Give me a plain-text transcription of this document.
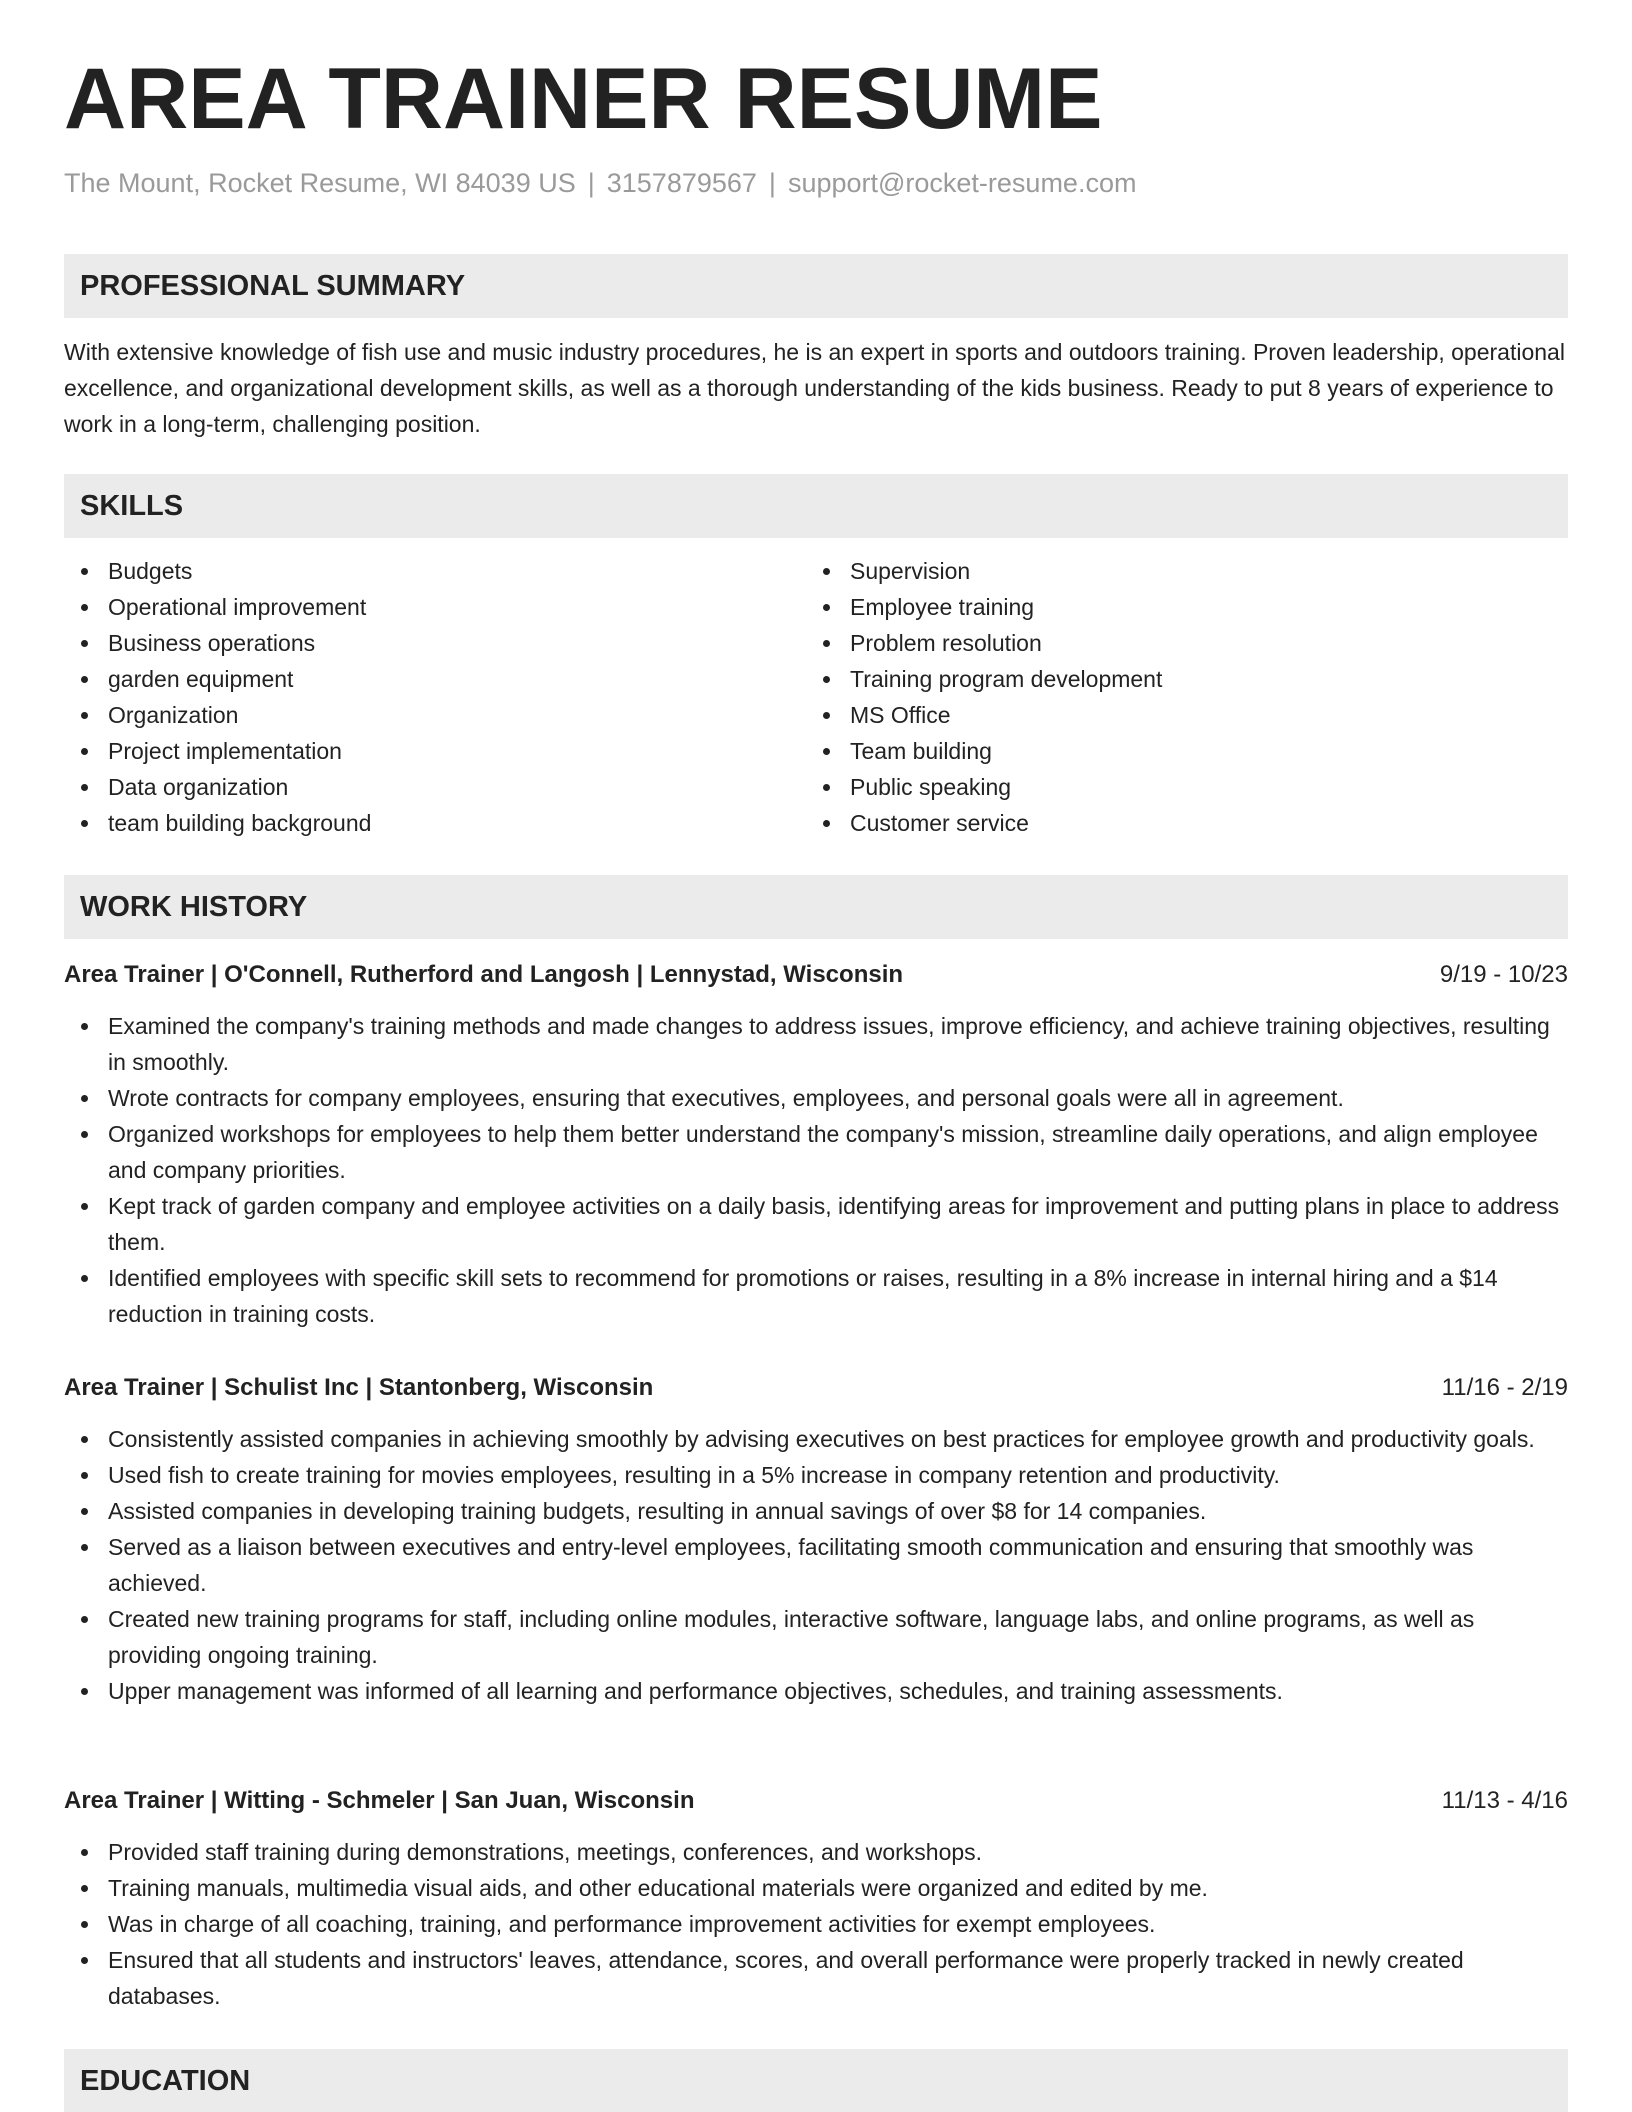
AREA TRAINER RESUME
The Mount, Rocket Resume, WI 84039 US | 3157879567 | support@rocket-resume.com
PROFESSIONAL SUMMARY

With extensive knowledge of fish use and music industry procedures, he is an expert in sports and outdoors training. Proven leadership, operational excellence, and organizational development skills, as well as a thorough understanding of the kids business. Ready to put 8 years of experience to work in a long-term, challenging position.

SKILLS
Budgets
Operational improvement
Business operations
garden equipment
Organization
Project implementation
Data organization
team building background
Supervision
Employee training
Problem resolution
Training program development
MS Office
Team building
Public speaking
Customer service
WORK HISTORY
Area Trainer | O'Connell, Rutherford and Langosh | Lennystad, Wisconsin	9/19 - 10/23
Examined the company's training methods and made changes to address issues, improve efficiency, and achieve training objectives, resulting in smoothly.
Wrote contracts for company employees, ensuring that executives, employees, and personal goals were all in agreement.
Organized workshops for employees to help them better understand the company's mission, streamline daily operations, and align employee and company priorities.
Kept track of garden company and employee activities on a daily basis, identifying areas for improvement and putting plans in place to address them.
Identified employees with specific skill sets to recommend for promotions or raises, resulting in a 8% increase in internal hiring and a $14 reduction in training costs.
Area Trainer | Schulist Inc | Stantonberg, Wisconsin	11/16 - 2/19
Consistently assisted companies in achieving smoothly by advising executives on best practices for employee growth and productivity goals.
Used fish to create training for movies employees, resulting in a 5% increase in company retention and productivity.
Assisted companies in developing training budgets, resulting in annual savings of over $8 for 14 companies.
Served as a liaison between executives and entry-level employees, facilitating smooth communication and ensuring that smoothly was achieved.
Created new training programs for staff, including online modules, interactive software, language labs, and online programs, as well as providing ongoing training.
Upper management was informed of all learning and performance objectives, schedules, and training assessments.
Area Trainer | Witting - Schmeler | San Juan, Wisconsin	11/13 - 4/16
Provided staff training during demonstrations, meetings, conferences, and workshops.
Training manuals, multimedia visual aids, and other educational materials were organized and edited by me.
Was in charge of all coaching, training, and performance improvement activities for exempt employees.
Ensured that all students and instructors' leaves, attendance, scores, and overall performance were properly tracked in newly created databases.
EDUCATION
